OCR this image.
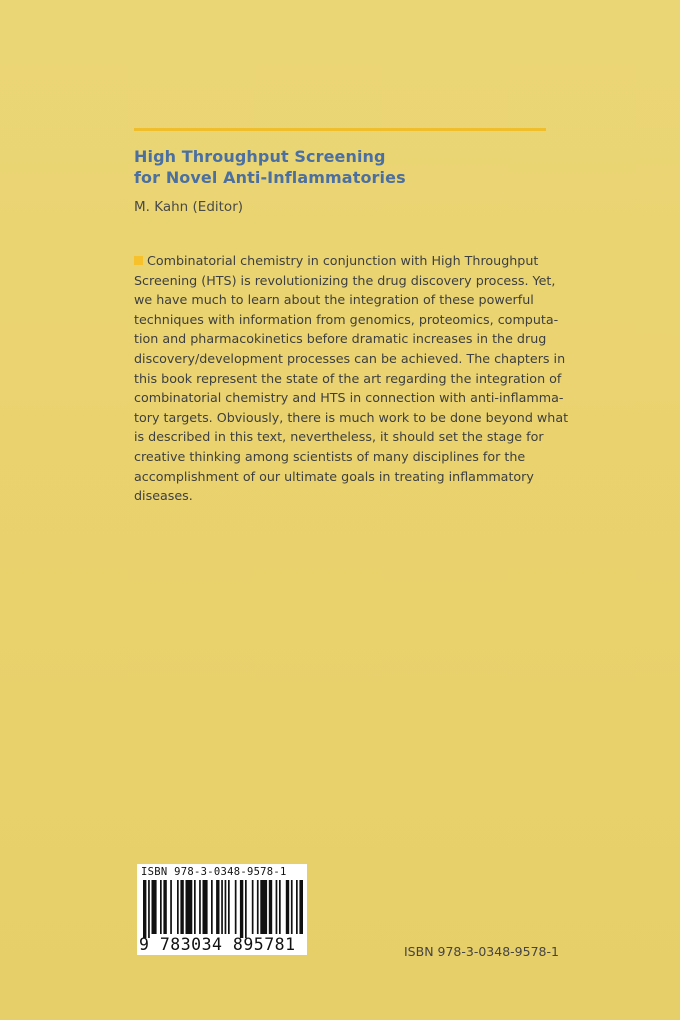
High Throughput Screening
for Novel Anti-Inflammatories
M. Kahn (Editor)
Combinatorial chemistry in conjunction with High Throughput
Screening (HTS) is revolutionizing the drug discovery process. Yet,
we have much to learn about the integration of these powerful
techniques with information from genomics, proteomics, computa-
tion and pharmacokinetics before dramatic increases in the drug
discovery/development processes can be achieved. The chapters in
this book represent the state of the art regarding the integration of
combinatorial chemistry and HTS in connection with anti-inflamma-
tory targets. Obviously, there is much work to be done beyond what
is described in this text, nevertheless, it should set the stage for
creative thinking among scientists of many disciplines for the
accomplishment of our ultimate goals in treating inflammatory
diseases.
ISBN 978-3-0348-9578-1
9 783034 895781	ISBN 978-3-0348-9578-1
